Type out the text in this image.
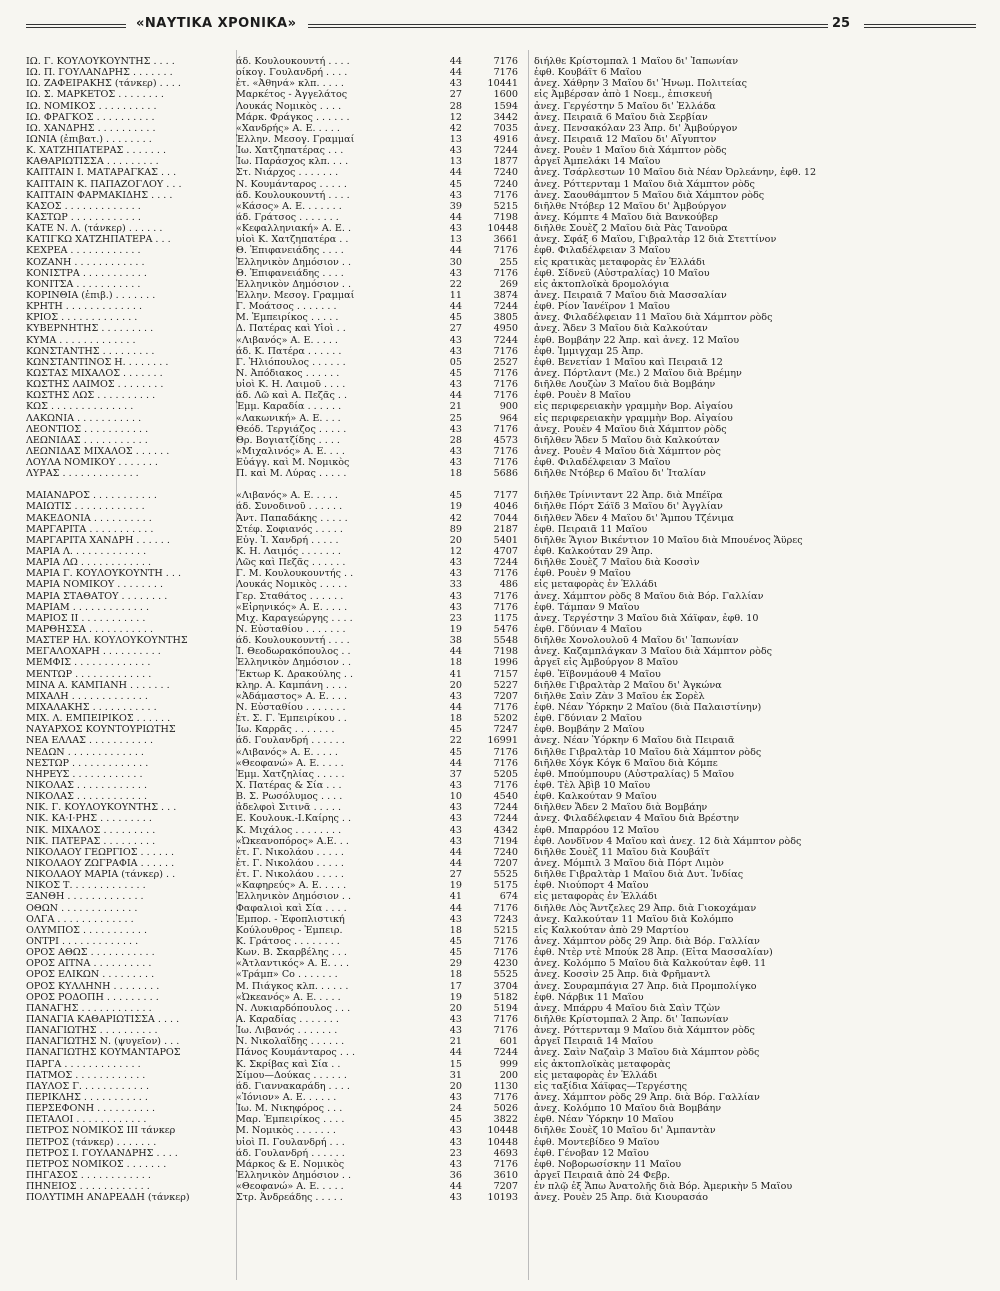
«ΝΑΥΤΙΚΑ ΧΡΟΝΙΚΑ»	25
ΙΩ. Γ. ΚΟΥΛΟΥΚΟΥΝΤΗΣ . . . .	άδ. Κουλουκουντή . . . .	44	7176 διήλθε Κρίστομπαλ 1 Μαΐου δι' Ἰαπωνίαν
ΙΩ. Π. ΓΟΥΛΑΝΔΡΗΣ . . . . . . .	οίκογ. Γουλανδρή . . . .	44	7176 ἐφθ. Κουβάϊτ 6 Μαΐου
ΙΩ. ΖΑΦΕΙΡΑΚΗΣ (τάνκερ) . . . .	ἐτ. «Ἀθηνά» κλπ. . . . .	43	10441 ἀνεχ. Χάθρην 3 Μαΐου δι' Ἡνωμ. Πολιτείας
ΙΩ. Σ. ΜΑΡΚΕΤΟΣ . . . . . . . .	Μαρκέτος - Ἀγγελάτος	27	1600 εἰς Ἀμβέρσαν ἀπὸ 1 Νοεμ., ἐπισκευή
ΙΩ. ΝΟΜΙΚΟΣ . . . . . . . . . .	Λουκάς Νομικὸς . . . .	28	1594 ἀνεχ. Γεργέστην 5 Μαΐου δι' Ἑλλάδα
ΙΩ. ΦΡΑΓΚΟΣ . . . . . . . . . .	Μάρκ. Φράγκος . . . . . .	12	3442 ἀνεχ. Πειραιᾶ 6 Μαΐου διὰ Σερβίαν
ΙΩ. ΧΑΝΔΡΗΣ . . . . . . . . . .	«Χανδρής» Α. Ε. . . . .	42	7035 ἀνεχ. Πενσακόλαν 23 Ἀπρ. δι' Ἀμβούργον
ΙΩΝΙΑ (ἐπιβατ.) . . . . . . . .	Ἑλλην. Μεσογ. Γραμμαί	13	4916 ἀνεχ. Πειραιᾶ 12 Μαΐου δι' Αἴγυπτον
Κ. ΧΑΤΖΗΠΑΤΕΡΑΣ . . . . . . .	Ἰω. Χατζηπατέρας . . .	43	7244 ἀνεχ. Ρουὲν 1 Μαΐου διὰ Χάμπτον ρὸδς
ΚΑΘΑΡΙΩΤΙΣΣΑ . . . . . . . . .	Ἰω. Παράσχος κλπ. . . .	13	1877 ἀργεῖ Ἀμπελάκι 14 Μαΐου
ΚΑΠΤΑΙΝ Ι. ΜΑΤΑΡΑΓΚΑΣ . . .	Στ. Νιάρχος . . . . . . .	44	7240 ἀνεχ. Τσάρλεστων 10 Μαΐου διὰ Νέαν Ὀρλεάνην, ἐφθ. 12
ΚΑΠΤΑΙΝ Κ. ΠΑΠΑΖΟΓΛΟΥ . . .	Ν. Κουμάνταρος . . . . .	45	7240 ἀνεχ. Ρόττερνταμ 1 Μαΐου διὰ Χάμπτον ρὸδς
ΚΑΠΤΑΙΝ ΦΑΡΜΑΚΙΔΗΣ . . . .	άδ. Κουλουκουντή . . . .	43	7176 ἀνεχ. Σαουθάμπτον 5 Μαΐου διὰ Χάμπτον ρὸδς
ΚΑΣΟΣ . . . . . . . . . . . . .	«Κάσος» Α. Ε. . . . . . .	39	5215 διῆλθε Ντόβερ 12 Μαΐου δι' Ἀμβούργον
ΚΑΣΤΩΡ . . . . . . . . . . . .	άδ. Γράτσος . . . . . . .	44	7198 ἀνεχ. Κόμπτε 4 Μαΐου διὰ Βανκούβερ
ΚΑΤΕ Ν. Λ. (τάνκερ) . . . . . .	«Κεφαλληνιακή» Α. Ε. .	43	10448 διῆλθε Σουὲζ 2 Μαΐου διὰ Ρὰς Τανοῦρα
ΚΑΤΙΓΚΩ ΧΑΤΖΗΠΑΤΕΡΑ . . .	υἱοὶ Κ. Χατζηπατέρα . .	13	3661 ἀνεχ. Σφάξ 6 Μαΐου, Γιβραλτὰρ 12 διὰ Στεττίνον
ΚΕΧΡΕΑ . . . . . . . . . . . .	Θ. Ἐπιφανειάδης . . . .	44	7176 ἐφθ. Φιλαδέλφειαν 3 Μαΐου
ΚΟΖΑΝΗ . . . . . . . . . . . .	Ἑλληνικὸν Δημόσιον . .	30	255 εἰς κρατικὰς μεταφορὰς ἐν Ἑλλάδι
ΚΟΝΙΣΤΡΑ . . . . . . . . . . .	Θ. Ἐπιφανειάδης . . . .	43	7176 ἐφθ. Σίδνεϋ (Αὐστραλίας) 10 Μαΐου
ΚΟΝΙΤΣΑ . . . . . . . . . . .	Ἑλληνικὸν Δημόσιον . .	22	269 εἰς ἀκτοπλοϊκὰ δρομολόγια
ΚΟΡΙΝΘΙΑ (ἐπιβ.) . . . . . . .	Ἑλλην. Μεσογ. Γραμμαί	11	3874 ἀνεχ. Πειραιᾶ 7 Μαΐου διὰ Μασσαλίαν
ΚΡΗΤΗ . . . . . . . . . . . . .	Γ. Μοάτσος . . . . . . .	44	7244 ἐφθ. Ρίον Ἰανέϊρον 1 Μαΐου
ΚΡΙΟΣ . . . . . . . . . . . . .	Μ. Ἐμπειρίκος . . . . .	45	3805 ἀνεχ. Φιλαδέλφειαν 11 Μαΐου διὰ Χάμπτον ρὸδς
ΚΥΒΕΡΝΗΤΗΣ . . . . . . . . .	Δ. Πατέρας καὶ Υἱοὶ . .	27	4950 ἀνεχ. Ἄδεν 3 Μαΐου διὰ Καλκούταν
ΚΥΜΑ . . . . . . . . . . . . .	«Λιβανός» Α. Ε. . . . .	43	7244 ἐφθ. Βομβάην 22 Ἀπρ. καὶ ἀνεχ. 12 Μαΐου
ΚΩΝΣΤΑΝΤΗΣ . . . . . . . . .	άδ. Κ. Πατέρα . . . . . .	43	7176 ἐφθ. Ἰμμιγχαμ 25 Ἀπρ.
ΚΩΝΣΤΑΝΤΙΝΟΣ Η. . . . . . . .	Γ. Ἡλιόπουλος . . . . . .	05	2527 ἐφθ. Βενετίαν 1 Μαΐου καὶ Πειραιᾶ 12
ΚΩΣΤΑΣ ΜΙΧΑΛΟΣ . . . . . . .	Ν. Ἀπόδιακος . . . . . .	45	7176 ἀνεχ. Πόρτλαντ (Με.) 2 Μαΐου διὰ Βρέμην
ΚΩΣΤΗΣ ΛΑΙΜΟΣ . . . . . . . .	υἱοὶ Κ. Η. Λαιμοῦ . . . .	43	7176 διῆλθε Λουζὼν 3 Μαΐου διὰ Βομβάην
ΚΩΣΤΗΣ ΛΩΣ . . . . . . . . . .	άδ. Λῶ καὶ Α. Πεζᾶς . .	44	7176 ἐφθ. Ρουὲν 8 Μαΐου
ΚΩΣ . . . . . . . . . . . . . .	Ἐμμ. Καραδία . . . . . .	21	900 εἰς περιφερειακὴν γραμμὴν Βορ. Αἰγαίου
ΛΑΚΩΝΙΑ . . . . . . . . . . .	«Λακωνική» Α. Ε. . . .	25	964 εἰς περιφερειακὴν γραμμὴν Βορ. Αἰγαίου
ΛΕΟΝΤΙΟΣ . . . . . . . . . . .	Θεόδ. Τεργιάζος . . . . .	43	7176 ἀνεχ. Ρουὲν 4 Μαΐου διὰ Χάμπτον ρὸδς
ΛΕΩΝΙΔΑΣ . . . . . . . . . . .	Θρ. Βογιατζίδης . . . .	28	4573 διῆλθεν Ἄδεν 5 Μαΐου διὰ Καλκούταν
ΛΕΩΝΙΔΑΣ ΜΙΧΑΛΟΣ . . . . . .	«Μιχαλινός» Α. Ε. . . .	43	7176 ἀνεχ. Ρουὲν 4 Μαΐου διὰ Χάμπτον ρὸς
ΛΟΥΛΑ ΝΟΜΙΚΟΥ . . . . . . .	Εὐάγγ. καὶ Μ. Νομικὸς	43	7176 ἐφθ. Φιλαδέλφειαν 3 Μαΐου
ΛΥΡΑΣ . . . . . . . . . . . . .	Π. καὶ Μ. Λύρας . . . . .	18	5686 διῆλθε Ντόβερ 6 Μαΐου δι' Ἰταλίαν
ΜΑΙΑΝΔΡΟΣ . . . . . . . . . . .	«Λιβανός» Α. Ε. . . . .	45	7177 διῆλθε Τρίνινταντ 22 Ἀπρ. διὰ Μπέϊρα
ΜΑΙΩΤΙΣ . . . . . . . . . . . .	άδ. Συνοδινοῦ . . . . . .	19	4046 διῆλθε Πόρτ Σάϊδ 3 Μαΐου δι' Ἀγγλίαν
ΜΑΚΕΔΟΝΙΑ . . . . . . . . . .	Ἀντ. Παπαδάκης . . . . .	42	7044 διῆλθεν Ἄδεν 4 Μαΐου δι' Ἄμπου Τζένιμα
ΜΑΡΓΑΡΙΤΑ . . . . . . . . . . .	Στέφ. Σοφιανός . . . . .	89	2187 ἐφθ. Πειραιᾶ 11 Μαΐου
ΜΑΡΓΑΡΙΤΑ ΧΑΝΔΡΗ . . . . . .	Εὐγ. Ἰ. Χανδρή . . . . .	20	5401 διῆλθε Ἅγιον Βικέντιον 10 Μαΐου διὰ Μπουένος Ἄϋρες
ΜΑΡΙΑ Λ. . . . . . . . . . . . .	Κ. Η. Λαιμός . . . . . . .	12	4707 ἐφθ. Καλκούταν 29 Ἀπρ.
ΜΑΡΙΑ ΛΩ . . . . . . . . . . . .	Λῶς καὶ Πεζᾶς . . . . . .	43	7244 διῆλθε Σουὲζ 7 Μαΐου διὰ Κοσσὶν
ΜΑΡΙΑ Γ. ΚΟΥΛΟΥΚΟΥΝΤΗ . . .	Γ. Μ. Κουλουκουντής . .	43	7176 ἐφθ. Ρουὲν 9 Μαΐου
ΜΑΡΙΑ ΝΟΜΙΚΟΥ . . . . . . . .	Λουκάς Νομικὸς . . . . .	33	486 εἰς μεταφορὰς ἐν Ἑλλάδι
ΜΑΡΙΑ ΣΤΑΘΑΤΟΥ . . . . . . . .	Γερ. Σταθάτος . . . . . .	43	7176 ἀνεχ. Χάμπτον ρὸδς 8 Μαΐου διὰ Βόρ. Γαλλίαν
ΜΑΡΙΑΜ . . . . . . . . . . . . .	«Εἰρηνικός» Α. Ε. . . . .	43	7176 ἐφθ. Τάμπαν 9 Μαΐου
ΜΑΡΙΟΣ ΙΙ . . . . . . . . . . .	Μιχ. Καραγεώργης . . . .	23	1175 ἀνεχ. Τεργέστην 3 Μαΐου διὰ Χάϊφαν, ἐφθ. 10
ΜΑΡΘΗΣΣΑ . . . . . . . . . . .	Ν. Εὐσταθίου . . . . . . .	19	5476 ἐφθ. Γδύνιαν 4 Μαΐου
ΜΑΣΤΕΡ ΗΛ. ΚΟΥΛΟΥΚΟΥΝΤΗΣ	άδ. Κουλουκουντή . . . .	38	5548 διῆλθε Χονολουλοῦ 4 Μαΐου δι' Ἰαπωνίαν
ΜΕΓΑΛΟΧΑΡΗ . . . . . . . . . .	Ἰ. Θεοδωρακόπουλος . .	44	7198 ἀνεχ. Καζαμπλάγκαν 3 Μαΐου διὰ Χάμπτον ρὸδς
ΜΕΜΦΙΣ . . . . . . . . . . . . .	Ἑλληνικὸν Δημόσιον . .	18	1996 ἀργεῖ εἰς Ἀμβούργον 8 Μαΐου
ΜΕΝΤΩΡ . . . . . . . . . . . . .	Ἕκτωρ Κ. Δρακούλης . .	41	7157 ἐφθ. Ἐϊβονμάουθ 4 Μαΐου
ΜΙΝΑ Α. ΚΑΜΠΑΝΗ . . . . . . .	κληρ. Α. Καμπάνη . . . .	20	5227 διῆλθε Γιβραλτὰρ 2 Μαΐου δι' Ἀγκώνα
ΜΙΧΑΛΗ . . . . . . . . . . . . .	«Ἀδάμαστος» Α. Ε. . . .	43	7207 διῆλθε Σαὶν Ζὰν 3 Μαΐου ἐκ Σορὲλ
ΜΙΧΑΛΑΚΗΣ . . . . . . . . . . .	Ν. Εὐσταθίου . . . . . . .	44	7176 ἐφθ. Νέαν Ὑόρκην 2 Μαΐου (διὰ Παλαιστίνην)
ΜΙΧ. Λ. ΕΜΠΕΙΡΙΚΟΣ . . . . . .	ἐτ. Σ. Γ. Ἐμπειρίκου . .	18	5202 ἐφθ. Γδύνιαν 2 Μαΐου
ΝΑΥΑΡΧΟΣ ΚΟΥΝΤΟΥΡΙΩΤΗΣ	Ἰω. Καρρᾶς . . . . . . .	45	7247 ἐφθ. Βομβάην 2 Μαΐου
ΝΕΑ ΕΛΛΑΣ . . . . . . . . . . .	άδ. Γουλανδρή . . . . . .	22	16991 ἀνεχ. Νέαν Ὑόρκην 6 Μαΐου διὰ Πειραιᾶ
ΝΕΔΩΝ . . . . . . . . . . . . .	«Λιβανός» Α. Ε. . . . .	45	7176 διῆλθε Γιβραλτὰρ 10 Μαΐου διὰ Χάμπτον ρὸδς
ΝΕΣΤΩΡ . . . . . . . . . . . . .	«Θεοφανώ» Α. Ε. . . . .	44	7176 διῆλθε Χόγκ Κόγκ 6 Μαΐου διὰ Κόμπε
ΝΗΡΕΥΣ . . . . . . . . . . . .	Ἐμμ. Χατζηλίας . . . . .	37	5205 ἐφθ. Μπούμπουρυ (Αὐστραλίας) 5 Μαΐου
ΝΙΚΟΛΑΣ . . . . . . . . . . . .	Χ. Πατέρας & Σία . . .	43	7176 ἐφθ. Τὲλ Ἀβὶβ 10 Μαΐου
ΝΙΚΟΛΑΣ . . . . . . . . . . . .	Β. Σ. Ρωσόλυμος . . . .	10	4540 ἐφθ. Καλκούταν 9 Μαΐου
ΝΙΚ. Γ. ΚΟΥΛΟΥΚΟΥΝΤΗΣ . . .	ἀδελφοὶ Σιτινᾶ . . . . .	43	7244 διῆλθεν Ἄδεν 2 Μαΐου διὰ Βομβάην
ΝΙΚ. ΚΑ·Ι·ΡΗΣ . . . . . . . . .	Ε. Κουλουκ.-Ι.Καίρης . .	43	7244 ἀνεχ. Φιλαδέλφειαν 4 Μαΐου διὰ Βρέστην
ΝΙΚ. ΜΙΧΑΛΟΣ . . . . . . . . .	Κ. Μιχάλος . . . . . . . .	43	4342 ἐφθ. Μπαρρόου 12 Μαΐου
ΝΙΚ. ΠΑΤΕΡΑΣ . . . . . . . . .	«Ὠκεανοπόρος» Α.Ε. . .	43	7194 ἐφθ. Λονδῖνον 4 Μαΐου καὶ ἀνεχ. 12 διὰ Χάμπτον ρὸδς
ΝΙΚΟΛΑΟΥ ΓΕΩΡΓΙΟΣ . . . . . .	ἐτ. Γ. Νικολάου . . . . .	44	7240 διῆλθε Σουὲζ 11 Μαΐου διὰ Κουβάϊτ
ΝΙΚΟΛΑΟΥ ΖΩΓΡΑΦΙΑ . . . . . .	ἐτ. Γ. Νικολάου . . . . .	44	7207 ἀνεχ. Μόμπιλ 3 Μαΐου διὰ Πόρτ Λιμὸν
ΝΙΚΟΛΑΟΥ ΜΑΡΙΑ (τάνκερ) . .	ἐτ. Γ. Νικολάου . . . . .	27	5525 διῆλθε Γιβραλτὰρ 1 Μαΐου διὰ Δυτ. Ἰνδίας
ΝΙΚΟΣ Τ. . . . . . . . . . . . .	«Καφηρεύς» Α. Ε. . . . .	19	5175 ἐφθ. Νιούπορτ 4 Μαΐου
ΞΑΝΘΗ . . . . . . . . . . . . .	Ἑλληνικὸν Δημόσιον . .	41	674 εἰς μεταφορὰς ἐν Ἑλλάδι
ΟΘΩΝ . . . . . . . . . . . . .	Φαφαλιοὶ καὶ Σία . . . .	44	7176 διῆλθε Λὸς Ἄντζελες 29 Ἀπρ. διὰ Γιοκοχάμαν
ΟΛΓΑ . . . . . . . . . . . . .	Ἐμπορ. - Ἐφοπλιστική	43	7243 ἀνεχ. Καλκούταν 11 Μαΐου διὰ Κολόμπο
ΟΛΥΜΠΟΣ . . . . . . . . . . .	Κούλουθρος - Ἐμπειρ.	18	5215 εἰς Καλκούταν ἀπὸ 29 Μαρτίου
ΟΝΤΡΙ . . . . . . . . . . . . .	Κ. Γράτσος . . . . . . . .	45	7176 ἀνεχ. Χάμπτον ρὸδς 29 Ἀπρ. διὰ Βόρ. Γαλλίαν
ΟΡΟΣ ΑΘΩΣ . . . . . . . . . . .	Κων. Β. Σκαρβέλης . . .	45	7176 ἐφθ. Ντὲρ ντὲ Μπούκ 28 Ἀπρ. (Εἶτα Μασσαλίαν)
ΟΡΟΣ ΑΙΤΝΑ . . . . . . . . . .	«Ἀτλαντικός» Α. Ε. . . .	29	4230 ἀνεχ. Κολόμπο 5 Μαΐου διὰ Καλκούταν ἐφθ. 11
ΟΡΟΣ ΕΛΙΚΩΝ . . . . . . . . .	«Τράμπ» Co . . . . . . .	18	5525 ἀνεχ. Κοσσὶν 25 Ἀπρ. διὰ Φρῆμαντλ
ΟΡΟΣ ΚΥΛΛΗΝΗ . . . . . . . .	Μ. Πιάγκος κλπ. . . . . .	17	3704 ἀνεχ. Σουραμπάγια 27 Ἀπρ. διὰ Προμπολίγκο
ΟΡΟΣ ΡΟΔΟΠΗ . . . . . . . . .	«Ὠκεανός» Α. Ε. . . . .	19	5182 ἐφθ. Νάρβικ 11 Μαΐου
ΠΑΝΑΓΗΣ . . . . . . . . . . . .	Ν. Λυκιαρδόπουλος . . .	20	5194 ἀνεχ. Μπάρρυ 4 Μαΐου διὰ Σαὶν Τζὼν
ΠΑΝΑΓΙΑ ΚΑΘΑΡΙΩΤΙΣΣΑ . . . .	Α. Καραδίας . . . . . . .	43	7176 διῆλθε Κρίστομπαλ 2 Ἀπρ. δι' Ἰαπωνίαν
ΠΑΝΑΓΙΩΤΗΣ . . . . . . . . . .	Ἰω. Λιβανός . . . . . . .	43	7176 ἀνεχ. Ρόττερνταμ 9 Μαΐου διὰ Χάμπτον ρὸδς
ΠΑΝΑΓΙΩΤΗΣ Ν. (ψυγεῖον) . . .	Ν. Νικολαΐδης . . . . . .	21	601 ἀργεῖ Πειραιᾶ 14 Μαΐου
ΠΑΝΑΓΙΩΤΗΣ ΚΟΥΜΑΝΤΑΡΟΣ	Πάνος Κουμάνταρος . . .	44	7244 ἀνεχ. Σαὶν Ναζαὶρ 3 Μαΐου διὰ Χάμπτον ρὸδς
ΠΑΡΓΑ . . . . . . . . . . . . .	Κ. Σκρίβας καὶ Σία . .	15	999 εἰς ἀκτοπλοϊκὰς μεταφορὰς
ΠΑΤΜΟΣ . . . . . . . . . . . .	Σίμου—Δούκας . . . . . .	31	200 εἰς μεταφορὰς ἐν Ἑλλάδι
ΠΑΥΛΟΣ Γ. . . . . . . . . . . .	άδ. Γιαννακαράδη . . . .	20	1130 εἰς ταξίδια Χάϊφας—Τεργέστης
ΠΕΡΙΚΛΗΣ . . . . . . . . . . .	«Ἰόνιον» Α. Ε. . . . . .	43	7176 ἀνεχ. Χάμπτον ρὸδς 29 Ἀπρ. διὰ Βόρ. Γαλλίαν
ΠΕΡΣΕΦΟΝΗ . . . . . . . . . .	Ἰω. Μ. Νικηφόρος . . .	24	5026 ἀνεχ. Κολόμπο 10 Μαΐου διὰ Βομβάην
ΠΕΤΑΛΟΙ . . . . . . . . . . . .	Μαρ. Ἐμπειρίκος . . . .	45	3822 ἐφθ. Νέαν Ὑόρκην 10 Μαΐου
ΠΕΤΡΟΣ ΝΟΜΙΚΟΣ ΙΙΙ τάνκερ	Μ. Νομικὸς . . . . . . .	43	10448 διῆλθε Σουὲζ 10 Μαΐου δι' Ἀμπαντὰν
ΠΕΤΡΟΣ (τάνκερ) . . . . . . .	υἱοὶ Π. Γουλανδρή . . .	43	10448 ἐφθ. Μοντεβίδεο 9 Μαΐου
ΠΕΤΡΟΣ Ι. ΓΟΥΛΑΝΔΡΗΣ . . . .	άδ. Γουλανδρή . . . . . .	23	4693 ἐφθ. Γένοβαν 12 Μαΐου
ΠΕΤΡΟΣ ΝΟΜΙΚΟΣ . . . . . . .	Μάρκος & Ε. Νομικὸς	43	7176 ἐφθ. Νοβορωσίσκην 11 Μαΐου
ΠΗΓΑΣΟΣ . . . . . . . . . . . .	Ἑλληνικὸν Δημόσιον . .	36	3610 ἀργεῖ Πειραιᾶ ἀπὸ 24 Φεβρ.
ΠΗΝΕΙΟΣ . . . . . . . . . . . .	«Θεοφανώ» Α. Ε. . . . .	44	7207 ἐν πλῷ ἐξ Ἄπω Ἀνατολῆς διὰ Βόρ. Ἀμερικὴν 5 Μαΐου
ΠΟΛΥΤΙΜΗ ΑΝΔΡΕΑΔΗ (τάνκερ)	Στρ. Ἀνδρεάδης . . . . .	43	10193 ἀνεχ. Ρουὲν 25 Ἀπρ. διὰ Κιουρασάο
